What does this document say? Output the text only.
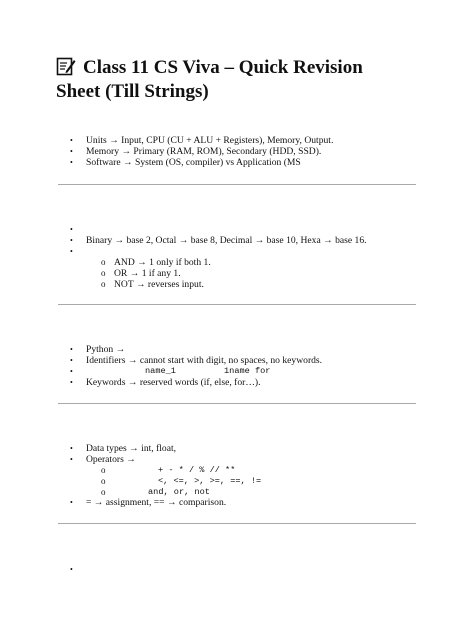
Class 11 CS Viva – Quick Revision
Sheet (Till Strings)
• Units → Input, CPU (CU + ALU + Registers), Memory, Output.
• Memory → Primary (RAM, ROM), Secondary (HDD, SSD).
• Software → System (OS, compiler) vs Application (MS
•
• Binary → base 2, Octal → base 8, Decimal → base 10, Hexa → base 16.
•
o AND → 1 only if both 1.
o OR → 1 if any 1.
o NOT → reverses input.
• Python →
• Identifiers → cannot start with digit, no spaces, no keywords.
•	name_1	1name for
• Keywords → reserved words (if, else, for…).
• Data types → int, float,
• Operators →
o	+ - * / % // **
o	<, <=, >, >=, ==, !=
o	and, or, not
• = → assignment, == → comparison.
•
